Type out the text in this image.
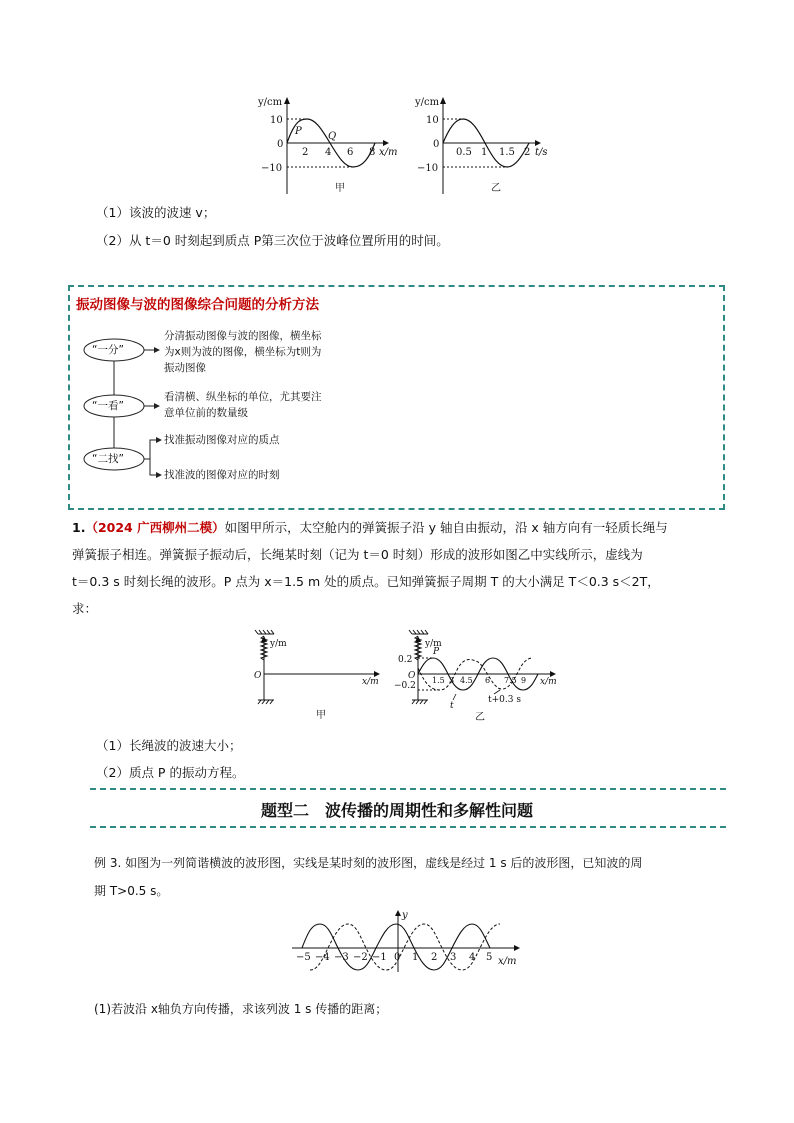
y/cm
10
0
−10
2 4 6 8 x/m
P	Q
甲
y/cm
10
0
−10
0.5 1 1.5 2 t/s
乙
（1）该波的波速 v；
（2）从 t＝0 时刻起到质点 P第三次位于波峰位置所用的时间。
振动图像与波的图像综合问题的分析方法
“一分”
“一看”
“二找”
分清振动图像与波的图像，横坐标
为x则为波的图像，横坐标为t则为
振动图像
看清横、纵坐标的单位，尤其要注
意单位前的数量级
找准振动图像对应的质点
找准波的图像对应的时刻
1.（2024 广西柳州二模）如图甲所示，太空舱内的弹簧振子沿 y 轴自由振动，沿 x 轴方向有一轻质长绳与
弹簧振子相连。弹簧振子振动后，长绳某时刻（记为 t＝0 时刻）形成的波形如图乙中实线所示，虚线为
t＝0.3 s 时刻长绳的波形。P 点为 x＝1.5 m 处的质点。已知弹簧振子周期 T 的大小满足 T＜0.3 s＜2T，
求：
y/m
O
x/m
甲
y/m
0.2
−0.2
O
P
1.5 3 4.5 6 7.5 9 x/m
t
t+0.3 s
乙
（1）长绳波的波速大小；
（2）质点 P 的振动方程。
题型二　波传播的周期性和多解性问题
例 3. 如图为一列简谐横波的波形图，实线是某时刻的波形图，虚线是经过 1 s 后的波形图，已知波的周
期 T>0.5 s。
y
x/m
−5 −4 −3 −2 −1 0 1 2 3 4 5
(1)若波沿 x轴负方向传播，求该列波 1 s 传播的距离；
